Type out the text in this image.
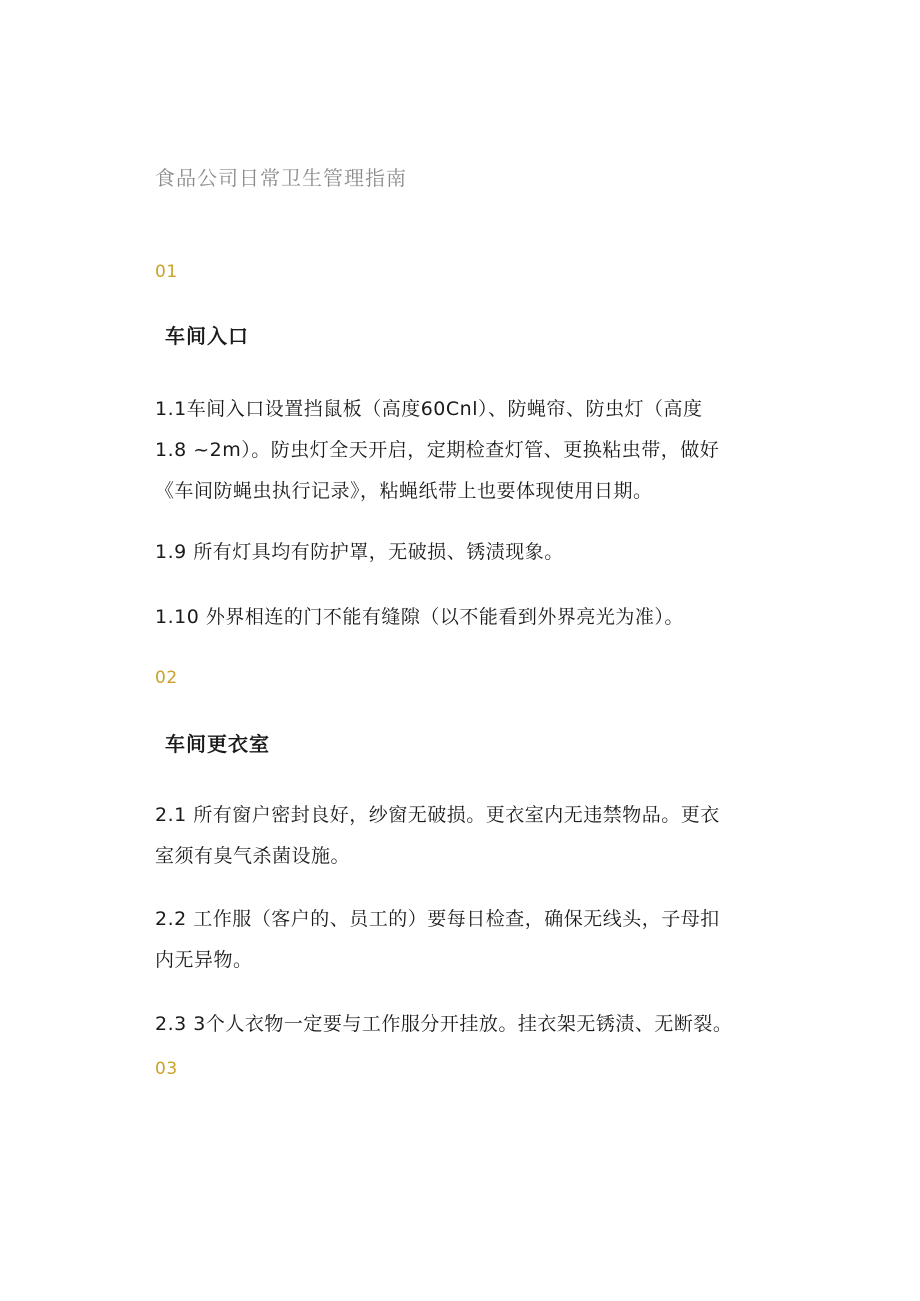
食品公司日常卫生管理指南
01
车间入口
1.1车间入口设置挡鼠板（高度60Cnl）、防蝇帘、防虫灯（高度
1.8 ~2m）。防虫灯全天开启，定期检查灯管、更换粘虫带，做好
《车间防蝇虫执行记录》，粘蝇纸带上也要体现使用日期。
1.9 所有灯具均有防护罩，无破损、锈渍现象。
1.10 外界相连的门不能有缝隙（以不能看到外界亮光为准）。
02
车间更衣室
2.1 所有窗户密封良好，纱窗无破损。更衣室内无违禁物品。更衣
室须有臭气杀菌设施。
2.2 工作服（客户的、员工的）要每日检查，确保无线头，子母扣
内无异物。
2.3 3个人衣物一定要与工作服分开挂放。挂衣架无锈渍、无断裂。
03
